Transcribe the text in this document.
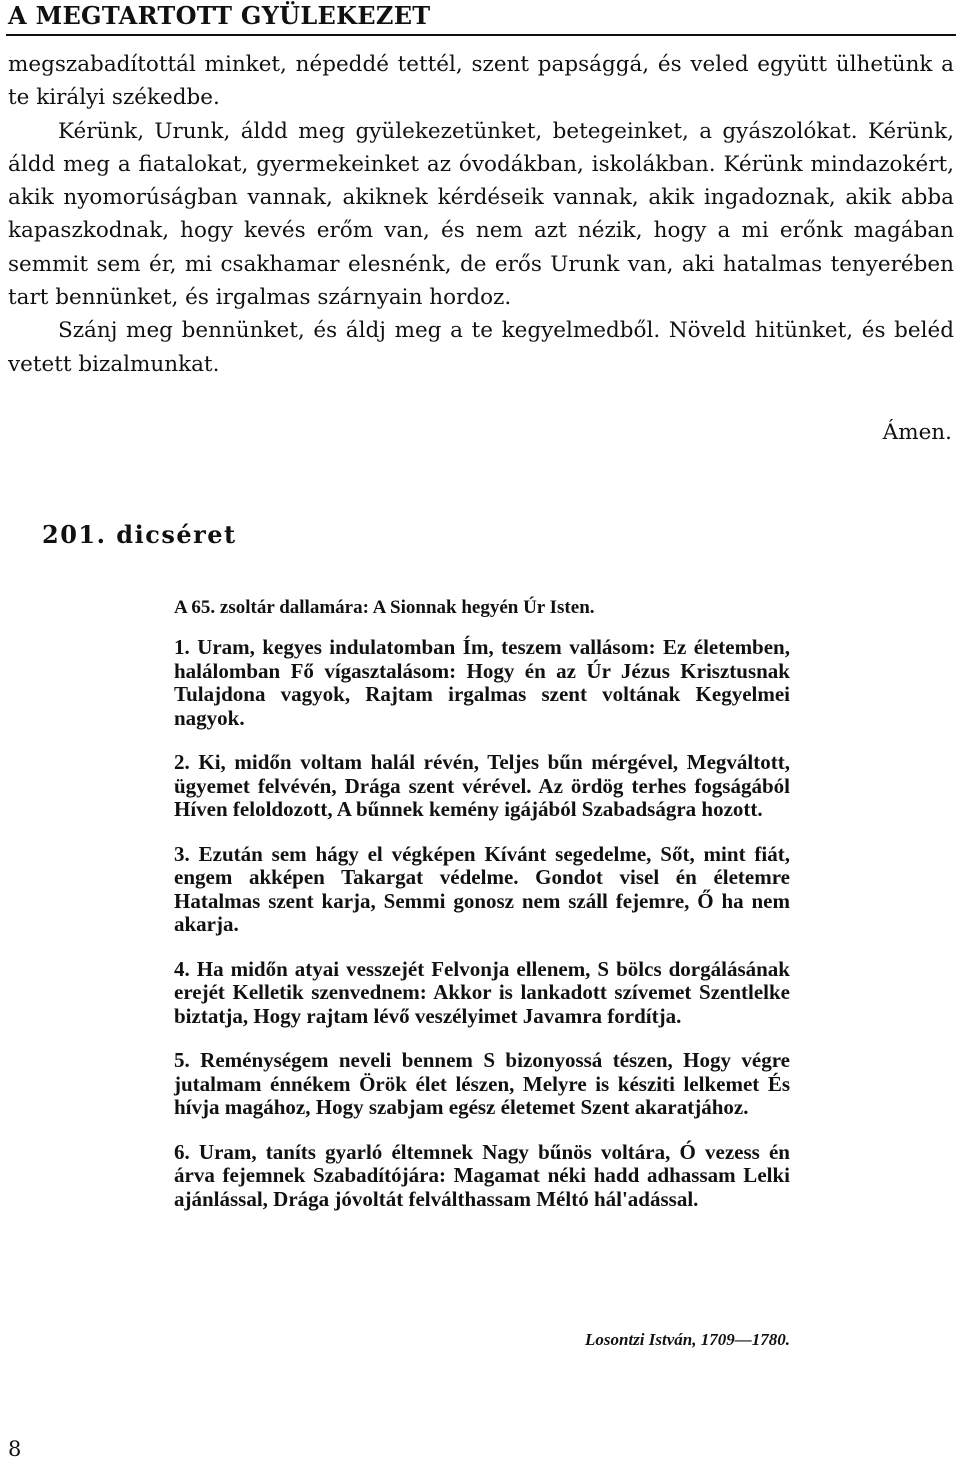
A MEGTARTOTT GYÜLEKEZET

megszabadítottál minket, népeddé tettél, szent papsággá, és veled együtt ülhetünk a te királyi székedbe.

Kérünk, Urunk, áldd meg gyülekezetünket, betegeinket, a gyászolókat. Kérünk, áldd meg a fiatalokat, gyermekeinket az óvodákban, iskolákban. Kérünk mindazokért, akik nyomorúságban vannak, akiknek kérdéseik vannak, akik ingadoznak, akik abba kapaszkodnak, hogy kevés erőm van, és nem azt nézik, hogy a mi erőnk magában semmit sem ér, mi csakhamar elesnénk, de erős Urunk van, aki hatalmas tenyerében tart bennünket, és irgalmas szárnyain hordoz.

Szánj meg bennünket, és áldj meg a te kegyelmedből. Növeld hitünket, és beléd vetett bizalmunkat.

Ámen.
201. dicséret
A 65. zsoltár dallamára: A Sionnak hegyén Úr Isten.
1. Uram, kegyes indulatomban Ím, teszem vallásom: Ez életemben, halálomban Fő vígasztalásom: Hogy én az Úr Jézus Krisztusnak Tulajdona vagyok, Rajtam irgalmas szent voltának Kegyelmei nagyok.
2. Ki, midőn voltam halál révén, Teljes bűn mérgével, Megváltott, ügyemet felvévén, Drága szent vérével. Az ördög terhes fogságából Híven feloldozott, A bűnnek kemény igájából Szabadságra hozott.
3. Ezután sem hágy el végképen Kívánt segedelme, Sőt, mint fiát, engem akképen Takargat védelme. Gondot visel én életemre Hatalmas szent karja, Semmi gonosz nem száll fejemre, Ő ha nem akarja.
4. Ha midőn atyai vesszejét Felvonja ellenem, S bölcs dorgálásának erejét Kelletik szenvednem: Akkor is lankadott szívemet Szentlelke biztatja, Hogy rajtam lévő veszélyimet Javamra fordítja.
5. Reménységem neveli bennem S bizonyossá tészen, Hogy végre jutalmam énnékem Örök élet lészen, Melyre is késziti lelkemet És hívja magához, Hogy szabjam egész életemet Szent akaratjához.
6. Uram, taníts gyarló éltemnek Nagy bűnös voltára, Ó vezess én árva fejemnek Szabadítójára: Magamat néki hadd adhassam Lelki ajánlással, Drága jóvoltát felválthassam Méltó hál'adással.
Losontzi István, 1709—1780.
8
